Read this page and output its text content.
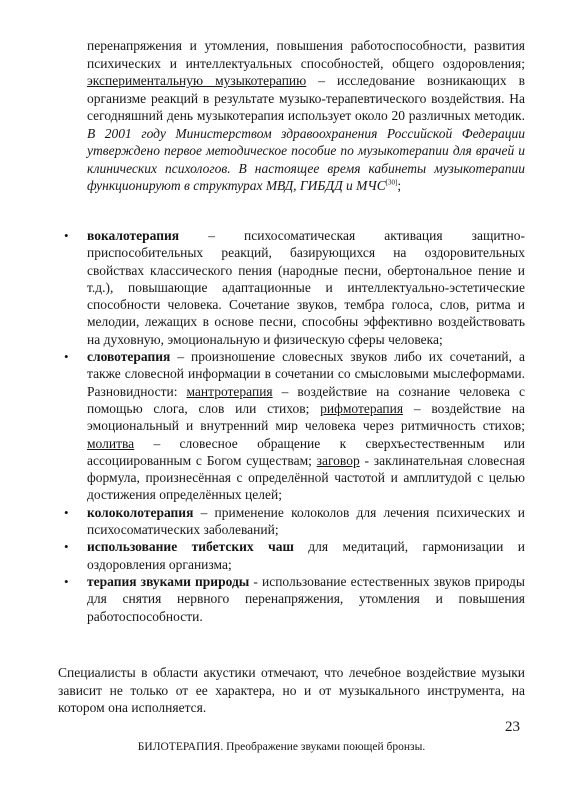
перенапряжения и утомления, повышения работоспособности, развития психических и интеллектуальных способностей, общего оздоровления; экспериментальную музыкотерапию – исследование возникающих в организме реакций в результате музыко-терапевтического воздействия. На сегодняшний день музыкотерапия использует около 20 различных методик. В 2001 году Министерством здравоохранения Российской Федерации утверждено первое методическое пособие по музыкотерапии для врачей и клинических психологов. В настоящее время кабинеты музыкотерапии функционируют в структурах МВД, ГИБДД и МЧС[30];

• вокалотерапия – психосоматическая активация защитно-приспособительных реакций, базирующихся на оздоровительных свойствах классического пения (народные песни, обертональное пение и т.д.), повышающие адаптационные и интеллектуально-эстетические способности человека. Сочетание звуков, тембра голоса, слов, ритма и мелодии, лежащих в основе песни, способны эффективно воздействовать на духовную, эмоциональную и физическую сферы человека;
• словотерапия – произношение словесных звуков либо их сочетаний, а также словесной информации в сочетании со смысловыми мыслеформами. Разновидности: мантротерапия – воздействие на сознание человека с помощью слога, слов или стихов; рифмотерапия – воздействие на эмоциональный и внутренний мир человека через ритмичность стихов; молитва – словесное обращение к сверхъестественным или ассоциированным с Богом существам; заговор - заклинательная словесная формула, произнесённая с определённой частотой и амплитудой с целью достижения определённых целей;
• колоколотерапия – применение колоколов для лечения психических и психосоматических заболеваний;
• использование тибетских чаш для медитаций, гармонизации и оздоровления организма;
• терапия звуками природы - использование естественных звуков природы для снятия нервного перенапряжения, утомления и повышения работоспособности.

Специалисты в области акустики отмечают, что лечебное воздействие музыки зависит не только от ее характера, но и от музыкального инструмента, на котором она исполняется.

23
БИЛОТЕРАПИЯ. Преображение звуками поющей бронзы.
